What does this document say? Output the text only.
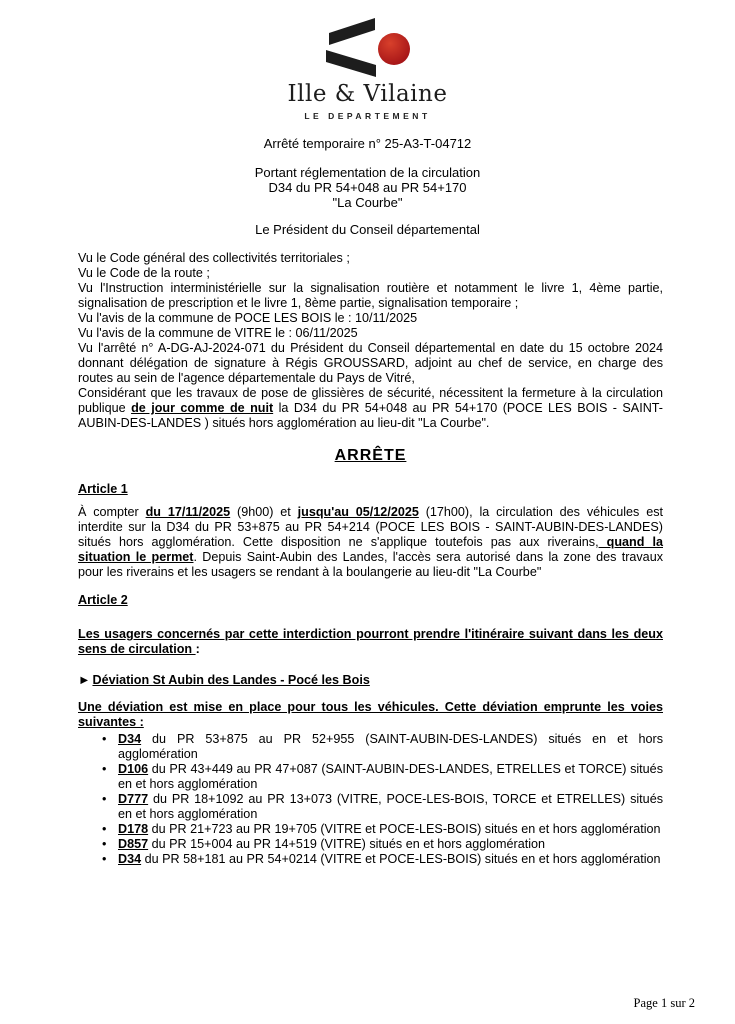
Ille & Vilaine
LE DEPARTEMENT
Arrêté temporaire n° 25-A3-T-04712
Portant réglementation de la circulation
D34 du PR 54+048 au PR 54+170
"La Courbe"
Le Président du Conseil départemental

Vu le Code général des collectivités territoriales ;

Vu le Code de la route ;

Vu l'Instruction interministérielle sur la signalisation routière et notamment le livre 1, 4ème partie, signalisation de prescription et le livre 1, 8ème partie, signalisation temporaire ;

Vu l'avis de la commune de POCE LES BOIS le : 10/11/2025

Vu l'avis de la commune de VITRE le : 06/11/2025

Vu l'arrêté n° A-DG-AJ-2024-071 du Président du Conseil départemental en date du 15 octobre 2024 donnant délégation de signature à Régis GROUSSARD, adjoint au chef de service, en charge des routes au sein de l'agence départementale du Pays de Vitré,

Considérant que les travaux de pose de glissières de sécurité, nécessitent la fermeture à la circulation publique de jour comme de nuit la D34 du PR 54+048 au PR 54+170 (POCE LES BOIS - SAINT-AUBIN-DES-LANDES ) situés hors agglomération au lieu-dit "La Courbe".

ARRÊTE
Article 1

À compter du 17/11/2025 (9h00) et jusqu'au 05/12/2025 (17h00), la circulation des véhicules est interdite sur la D34 du PR 53+875 au PR 54+214 (POCE LES BOIS - SAINT-AUBIN-DES-LANDES) situés hors agglomération. Cette disposition ne s'applique toutefois pas aux riverains, quand la situation le permet. Depuis Saint-Aubin des Landes, l'accès sera autorisé dans la zone des travaux pour les riverains et les usagers se rendant à la boulangerie au lieu-dit "La Courbe"

Article 2

Les usagers concernés par cette interdiction pourront prendre l'itinéraire suivant dans les deux sens de circulation :

► Déviation St Aubin des Landes - Pocé les Bois

Une déviation est mise en place pour tous les véhicules. Cette déviation emprunte les voies suivantes :

• D34 du PR 53+875 au PR 52+955 (SAINT-AUBIN-DES-LANDES) situés en et hors agglomération
• D106 du PR 43+449 au PR 47+087 (SAINT-AUBIN-DES-LANDES, ETRELLES et TORCE) situés en et hors agglomération
• D777 du PR 18+1092 au PR 13+073 (VITRE, POCE-LES-BOIS, TORCE et ETRELLES) situés en et hors agglomération
• D178 du PR 21+723 au PR 19+705 (VITRE et POCE-LES-BOIS) situés en et hors agglomération
• D857 du PR 15+004 au PR 14+519 (VITRE) situés en et hors agglomération
• D34 du PR 58+181 au PR 54+0214 (VITRE et POCE-LES-BOIS) situés en et hors agglomération
Page 1 sur 2
